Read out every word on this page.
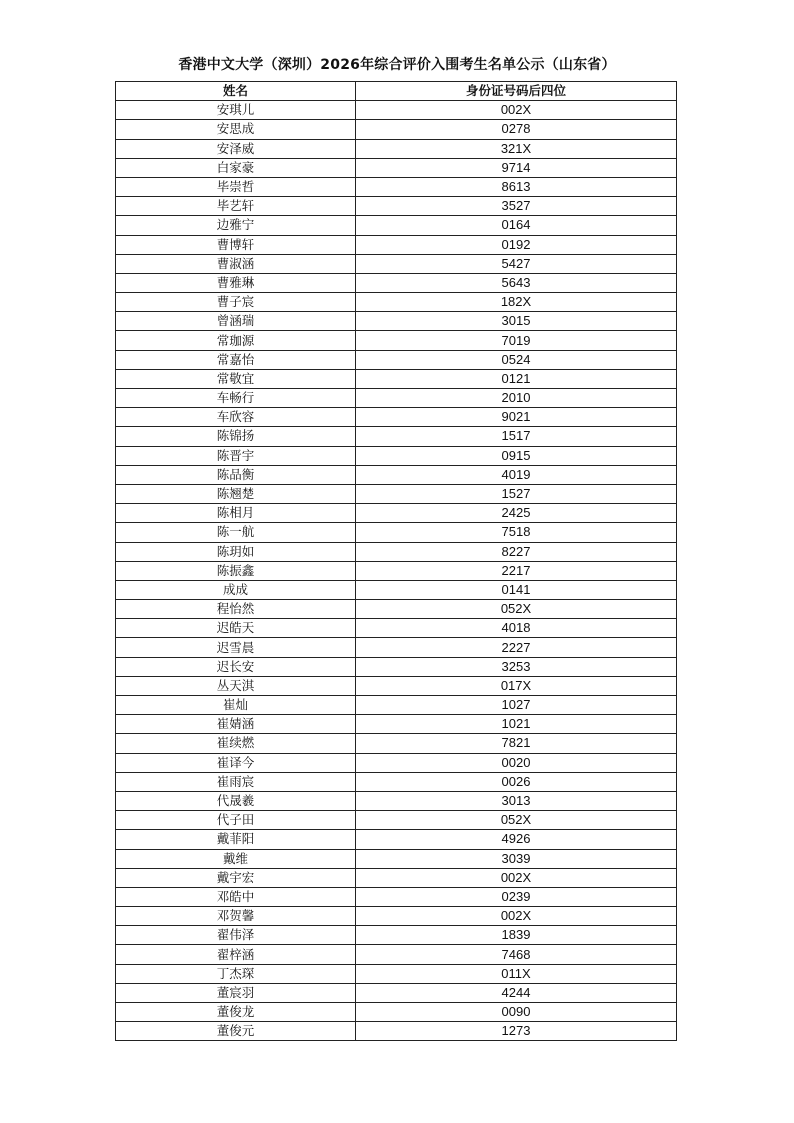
香港中文大学（深圳）2026年综合评价入围考生名单公示（山东省）
姓名	身份证号码后四位
安琪儿	002X
安思成	0278
安泽威	321X
白家豪	9714
毕崇哲	8613
毕艺轩	3527
边雅宁	0164
曹博轩	0192
曹淑涵	5427
曹雅琳	5643
曹子宸	182X
曾涵瑞	3015
常珈源	7019
常嘉怡	0524
常敬宜	0121
车畅行	2010
车欣容	9021
陈锦扬	1517
陈晋宇	0915
陈品衡	4019
陈翘楚	1527
陈相月	2425
陈一航	7518
陈玥如	8227
陈振鑫	2217
成成	0141
程怡然	052X
迟皓天	4018
迟雪晨	2227
迟长安	3253
丛天淇	017X
崔灿	1027
崔婧涵	1021
崔续燃	7821
崔译今	0020
崔雨宸	0026
代晟羲	3013
代子田	052X
戴菲阳	4926
戴维	3039
戴宇宏	002X
邓皓中	0239
邓贺馨	002X
翟伟泽	1839
翟梓涵	7468
丁杰琛	011X
董宸羽	4244
董俊龙	0090
董俊元	1273
